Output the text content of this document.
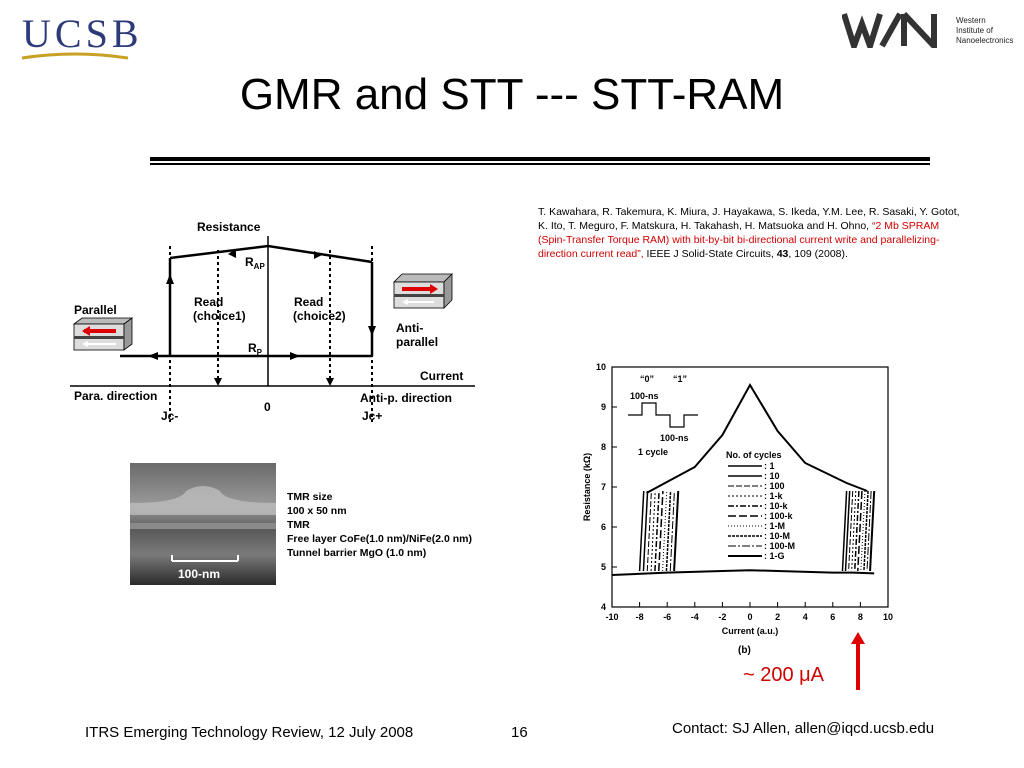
UCSB	Western
Institute of
Nanoelectronics
GMR and STT --- STT-RAM
T. Kawahara, R. Takemura, K. Miura, J. Hayakawa, S. Ikeda, Y.M. Lee, R. Sasaki, Y. Gotot, K. Ito, T. Meguro, F. Matskura, H. Takahash, H. Matsuoka and H. Ohno, “2 Mb SPRAM (Spin-Transfer Torque RAM) with bit-by-bit bi-directional current write and parallelizing-direction current read”, IEEE J Solid-State Circuits, 43, 109 (2008).
Resistance
$R_{AP}$
$R_P$
Read
(choice1)
Read
(choice2)
Parallel
Anti-
parallel
Current
Para. direction	Anti-p. direction
0
Jc-	Jc+
100-nm
TMR size
100 x 50 nm
TMR
Free layer CoFe(1.0 nm)/NiFe(2.0 nm)
Tunnel barrier MgO (1.0 nm)
-10 -8 -6 -4 -2 0	2	4	6	8 10
4
5
6
7
8
9
10
Current (a.u.)
Resistance (kΩ)
“0” “1”
100-ns
100-ns
1 cycle	No. of cycles
: 1
: 10
: 100
: 1-k
: 10-k
: 100-k
: 1-M
: 10-M
: 100-M
: 1-G
(b)
~ 200 μA
ITRS Emerging Technology Review, 12 July 2008	16	Contact: SJ Allen, allen@iqcd.ucsb.edu
